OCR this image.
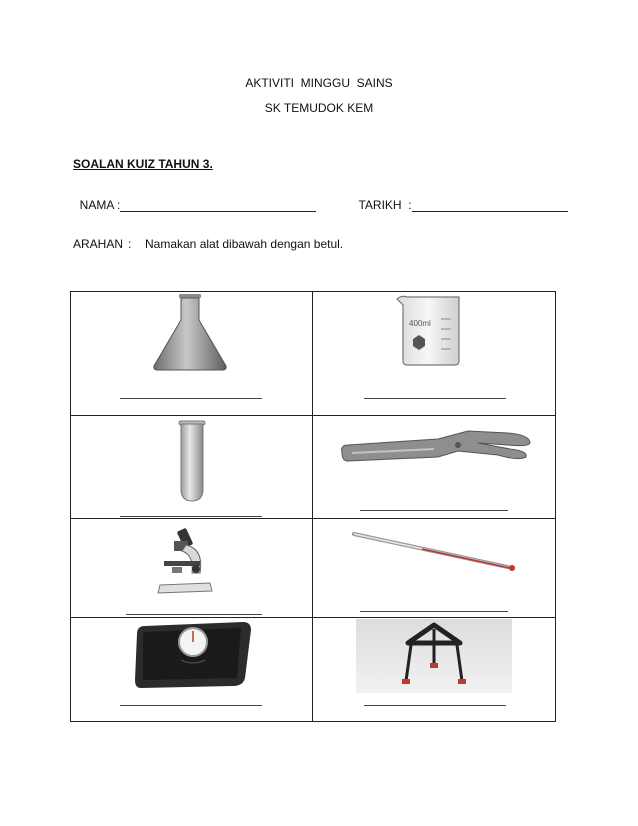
AKTIVITI  MINGGU  SAINS
SK TEMUDOK KEM
SOALAN KUIZ TAHUN 3.

NAMA :	TARIKH  :

ARAHAN : Namakan alat dibawah dengan betul.
400ml
